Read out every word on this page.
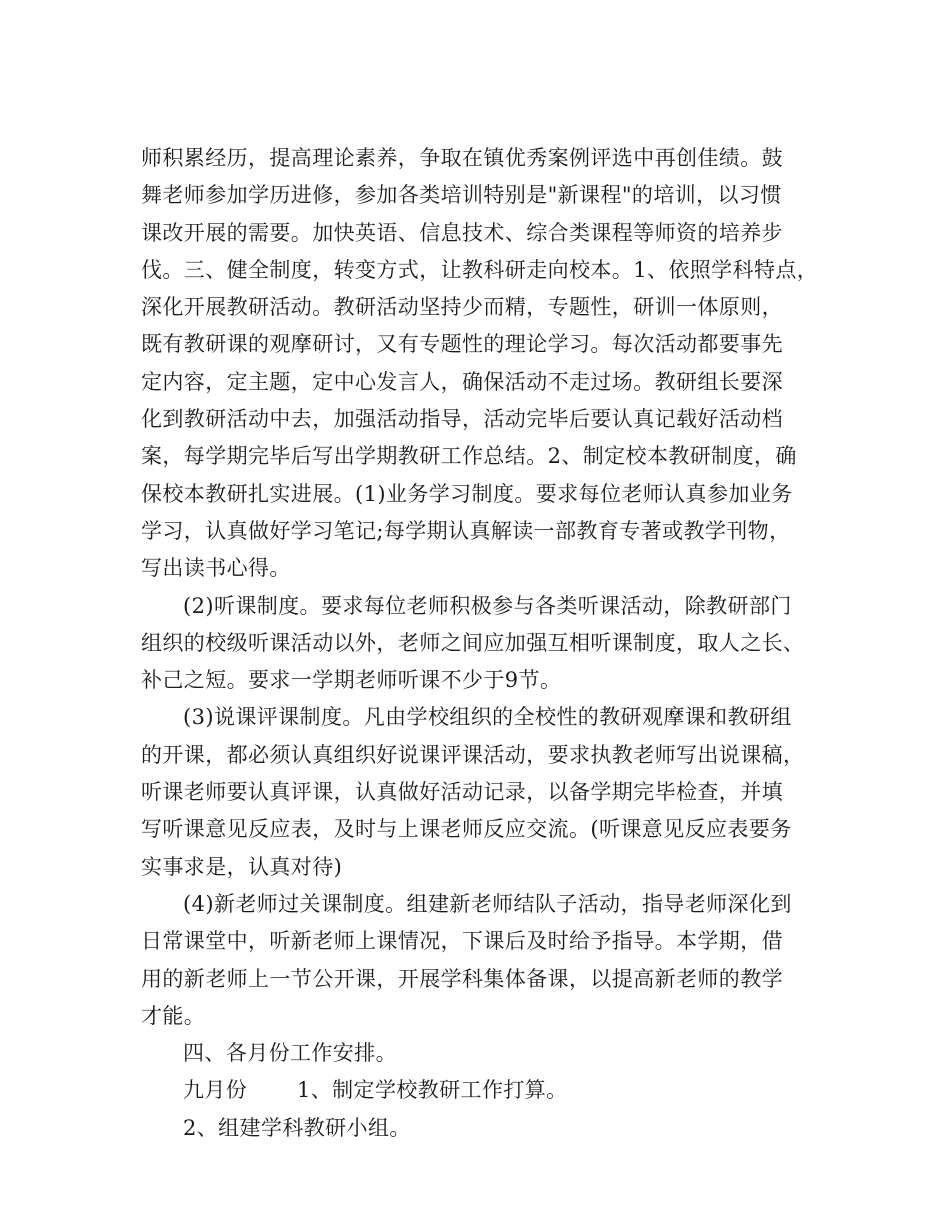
师积累经历，提高理论素养，争取在镇优秀案例评选中再创佳绩。鼓
舞老师参加学历进修，参加各类培训特别是"新课程"的培训，以习惯
课改开展的需要。加快英语、信息技术、综合类课程等师资的培养步
伐。三、健全制度，转变方式，让教科研走向校本。1、依照学科特点，
深化开展教研活动。教研活动坚持少而精，专题性，研训一体原则，
既有教研课的观摩研讨，又有专题性的理论学习。每次活动都要事先
定内容，定主题，定中心发言人，确保活动不走过场。教研组长要深
化到教研活动中去，加强活动指导，活动完毕后要认真记载好活动档
案，每学期完毕后写出学期教研工作总结。2、制定校本教研制度，确
保校本教研扎实进展。(1)业务学习制度。要求每位老师认真参加业务
学习，认真做好学习笔记;每学期认真解读一部教育专著或教学刊物，
写出读书心得。
(2)听课制度。要求每位老师积极参与各类听课活动，除教研部门
组织的校级听课活动以外，老师之间应加强互相听课制度，取人之长、
补己之短。要求一学期老师听课不少于9节。
(3)说课评课制度。凡由学校组织的全校性的教研观摩课和教研组
的开课，都必须认真组织好说课评课活动，要求执教老师写出说课稿，
听课老师要认真评课，认真做好活动记录，以备学期完毕检查，并填
写听课意见反应表，及时与上课老师反应交流。(听课意见反应表要务
实事求是，认真对待)
(4)新老师过关课制度。组建新老师结队子活动，指导老师深化到
日常课堂中，听新老师上课情况，下课后及时给予指导。本学期，借
用的新老师上一节公开课，开展学科集体备课，以提高新老师的教学
才能。
四、各月份工作安排。
九月份 1、制定学校教研工作打算。
2、组建学科教研小组。
